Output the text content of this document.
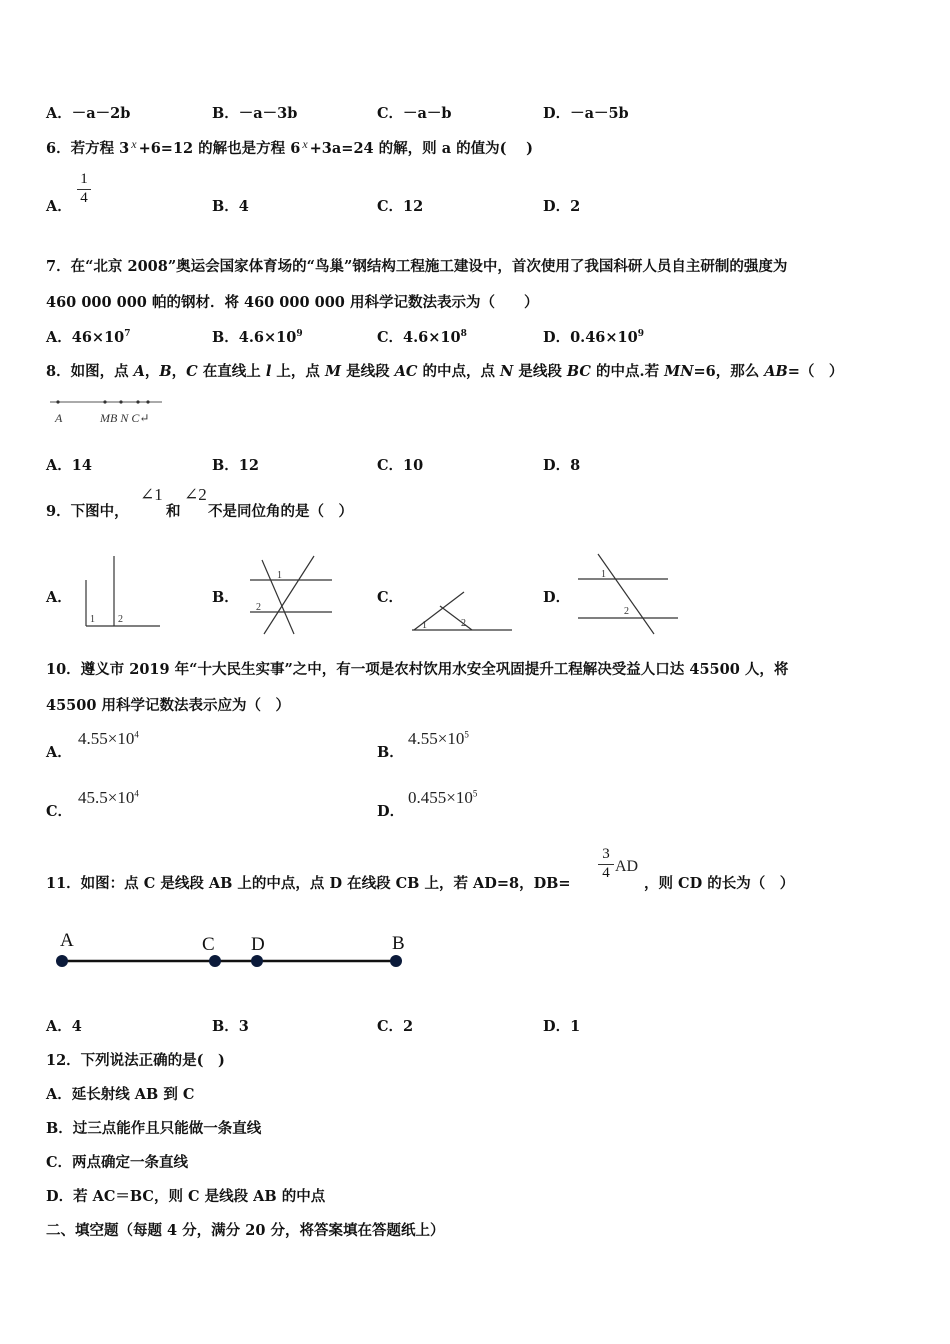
A．－a－2b	B．－a－3b	C．－a－b	D．－a－5b
6．若方程 3 $^x$ +6=12 的解也是方程 6 $^x$ +3a=24 的解，则 a 的值为(　 )
A． $\frac{1}{4}$	B．4	C．12	D．2
7．在“北京 2008”奥运会国家体育场的“鸟巢”钢结构工程施工建设中，首次使用了我国科研人员自主研制的强度为
460 000 000 帕的钢材．将 460 000 000 用科学记数法表示为（　　）
A．$46\times 10^7$	B．$4.6\times 10^9$	C．$4.6\times 10^8$	D．$0.46\times 10^9$
8．如图，点 A，B，C 在直线上 l 上，点 M 是线段 AC 的中点，点 N 是线段 BC 的中点.若 MN=6，那么 AB=（　）
A	MB N C↵
A．14	B．12	C．10	D．8
9．下图中，
∠1
和
∠2
不是同位角的是（　）
A．
1 2
B．
1
2
C．
1	2
D．
1
2
10．遵义市 2019 年“十大民生实事”之中，有一项是农村饮用水安全巩固提升工程解决受益人口达 45500 人，将
45500 用科学记数法表示应为（　）
A．
$4.55\times 10^4$
B．
$4.55\times 10^5$
C．
$45.5\times 10^4$
D．
$0.455\times 10^5$
11．如图：点 C 是线段 AB 上的中点，点 D 在线段 CB 上，若 AD=8，DB=
$\frac{3}{4}$ AD
，则 CD 的长为（　）
A	C D	B
A．4	B．3	C．2	D．1
12．下列说法正确的是(　)
A．延长射线 AB 到 C
B．过三点能作且只能做一条直线
C．两点确定一条直线
D．若 AC＝BC，则 C 是线段 AB 的中点
二、填空题（每题 4 分，满分 20 分，将答案填在答题纸上）
